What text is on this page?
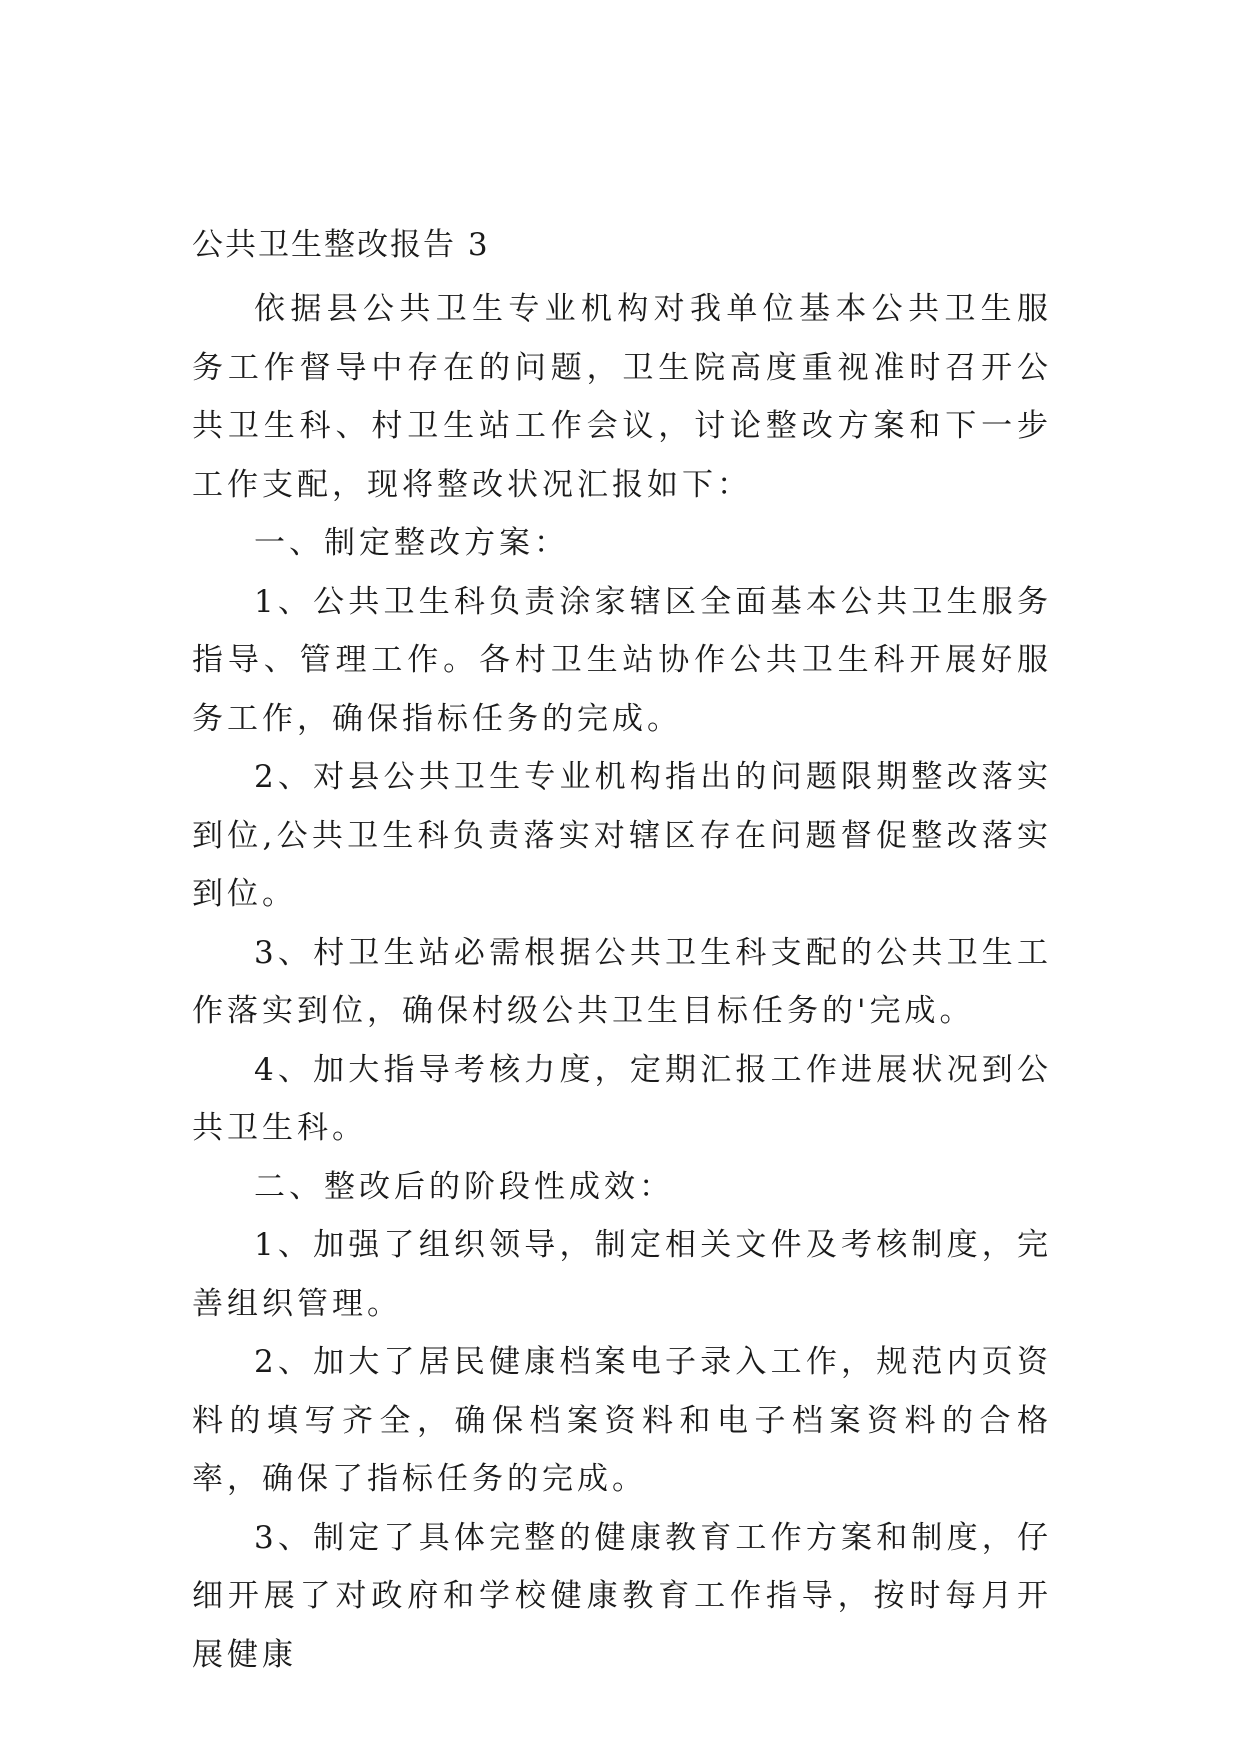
公共卫生整改报告 3

依据县公共卫生专业机构对我单位基本公共卫生服务工作督导中存在的问题，卫生院高度重视准时召开公共卫生科、村卫生站工作会议，讨论整改方案和下一步工作支配，现将整改状况汇报如下：

一、制定整改方案：

1、公共卫生科负责涂家辖区全面基本公共卫生服务指导、管理工作。各村卫生站协作公共卫生科开展好服务工作，确保指标任务的完成。

2、对县公共卫生专业机构指出的问题限期整改落实到位,公共卫生科负责落实对辖区存在问题督促整改落实到位。

3、村卫生站必需根据公共卫生科支配的公共卫生工作落实到位，确保村级公共卫生目标任务的'完成。

4、加大指导考核力度，定期汇报工作进展状况到公共卫生科。

二、整改后的阶段性成效：

1、加强了组织领导，制定相关文件及考核制度，完善组织管理。

2、加大了居民健康档案电子录入工作，规范内页资料的填写齐全，确保档案资料和电子档案资料的合格率，确保了指标任务的完成。

3、制定了具体完整的健康教育工作方案和制度，仔细开展了对政府和学校健康教育工作指导，按时每月开展健康
